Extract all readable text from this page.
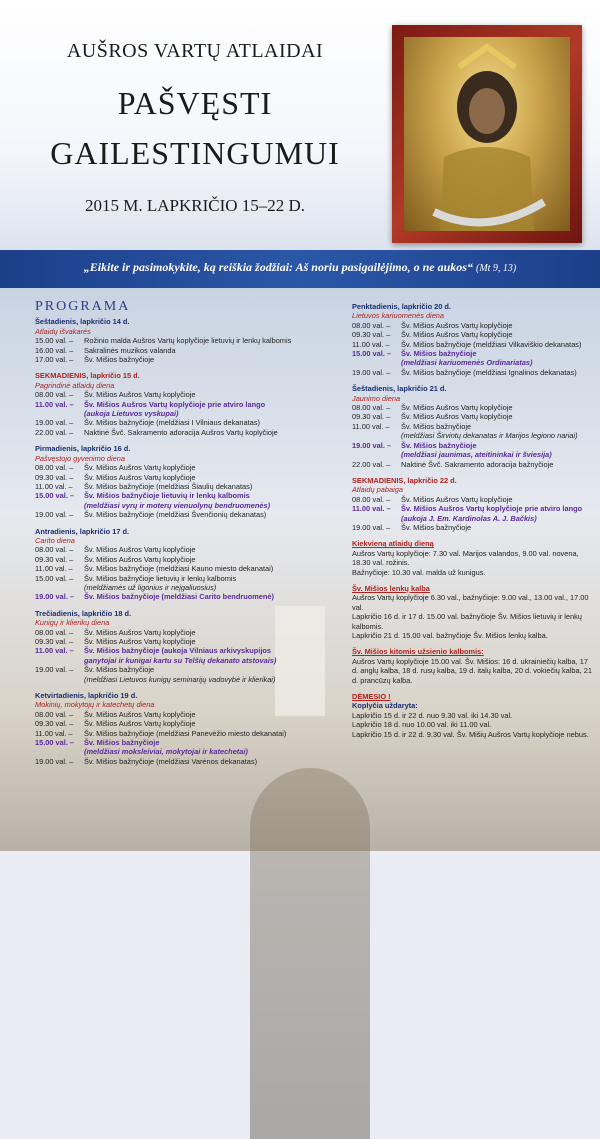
AUŠROS VARTŲ ATLAIDAI
PAŠVĘSTI
GAILESTINGUMUI
2015 M. LAPKRIČIO 15–22 D.
„Eikite ir pasimokykite, ką reiškia žodžiai: Aš noriu pasigailėjimo, o ne aukos“ (Mt 9, 13)
PROGRAMA
Šeštadienis, lapkričio 14 d.
Atlaidų išvakarės
15.00 val. –	Rožinio malda Aušros Vartų koplyčioje lietuvių ir lenkų kalbomis
16.00 val. –	Sakralinės muzikos valanda
17.00 val. –	Šv. Mišios bažnyčioje
SEKMADIENIS, lapkričio 15 d.
Pagrindinė atlaidų diena
08.00 val. –	Šv. Mišios Aušros Vartų koplyčioje
11.00 val. –	Šv. Mišios Aušros Vartų koplyčioje prie atviro lango
(aukoja Lietuvos vyskupai)
19.00 val. –	Šv. Mišios bažnyčioje (meldžiasi I Vilniaus dekanatas)
22.00 val. –	Naktinė Švč. Sakramento adoracija Aušros Vartų koplyčioje
Pirmadienis, lapkričio 16 d.
Pašvęstojo gyvenimo diena
08.00 val. –	Šv. Mišios Aušros Vartų koplyčioje
09.30 val. –	Šv. Mišios Aušros Vartų koplyčioje
11.00 val. –	Šv. Mišios bažnyčioje (meldžiasi Šiaulių dekanatas)
15.00 val. –	Šv. Mišios bažnyčioje lietuvių ir lenkų kalbomis
(meldžiasi vyrų ir moterų vienuolynų bendruomenės)
19.00 val. –	Šv. Mišios bažnyčioje (meldžiasi Švenčionių dekanatas)
Antradienis, lapkričio 17 d.
Carito diena
08.00 val. –	Šv. Mišios Aušros Vartų koplyčioje
09.30 val. –	Šv. Mišios Aušros Vartų koplyčioje
11.00 val. –	Šv. Mišios bažnyčioje (meldžiasi Kauno miesto dekanatai)
15.00 val. –	Šv. Mišios bažnyčioje lietuvių ir lenkų kalbomis
(meldžiamės už ligonius ir neįgaliuosius)
19.00 val. –	Šv. Mišios bažnyčioje (meldžiasi Carito bendruomenė)
Trečiadienis, lapkričio 18 d.
Kunigų ir klierikų diena
08.00 val. –	Šv. Mišios Aušros Vartų koplyčioje
09.30 val. –	Šv. Mišios Aušros Vartų koplyčioje
11.00 val. –	Šv. Mišios bažnyčioje (aukoja Vilniaus arkivyskupijos
ganytojai ir kunigai kartu su Telšių dekanato atstovais)
19.00 val. –	Šv. Mišios bažnyčioje
(meldžiasi Lietuvos kunigų seminarijų vadovybė ir klierikai)
Ketvirtadienis, lapkričio 19 d.
Mokinių, mokytojų ir katechetų diena
08.00 val. –	Šv. Mišios Aušros Vartų koplyčioje
09.30 val. –	Šv. Mišios Aušros Vartų koplyčioje
11.00 val. –	Šv. Mišios bažnyčioje (meldžiasi Panevėžio miesto dekanatai)
15.00 val. –	Šv. Mišios bažnyčioje
(meldžiasi moksleiviai, mokytojai ir katechetai)
19.00 val. –	Šv. Mišios bažnyčioje (meldžiasi Varėnos dekanatas)
Penktadienis, lapkričio 20 d.
Lietuvos kariuomenės diena
08.00 val. –	Šv. Mišios Aušros Vartų koplyčioje
09.30 val. –	Šv. Mišios Aušros Vartų koplyčioje
11.00 val. –	Šv. Mišios bažnyčioje (meldžiasi Vilkaviškio dekanatas)
15.00 val. –	Šv. Mišios bažnyčioje
(meldžiasi kariuomenės Ordinariatas)
19.00 val. –	Šv. Mišios bažnyčioje (meldžiasi Ignalinos dekanatas)
Šeštadienis, lapkričio 21 d.
Jaunimo diena
08.00 val. –	Šv. Mišios Aušros Vartų koplyčioje
09.30 val. –	Šv. Mišios Aušros Vartų koplyčioje
11.00 val. –	Šv. Mišios bažnyčioje
(meldžiasi Širvintų dekanatas ir Marijos legiono nariai)
19.00 val. –	Šv. Mišios bažnyčioje
(meldžiasi jaunimas, ateitininkai ir šviesija)
22.00 val. –	Naktinė Švč. Sakramento adoracija bažnyčioje
SEKMADIENIS, lapkričio 22 d.
Atlaidų pabaiga
08.00 val. –	Šv. Mišios Aušros Vartų koplyčioje
11.00 val. –	Šv. Mišios Aušros Vartų koplyčioje prie atviro lango
(aukoja J. Em. Kardinolas A. J. Bačkis)
19.00 val. –	Šv. Mišios bažnyčioje
Kiekvieną atlaidų dieną
Aušros Vartų koplyčioje: 7.30 val. Marijos valandos, 9.00 val. novena, 18.30 val. rožinis.
Bažnyčioje: 10.30 val. malda už kunigus.
Šv. Mišios lenkų kalba
Aušros Vartų koplyčioje 6.30 val., bažnyčioje: 9.00 val., 13.00 val., 17.00 val.
Lapkričio 16 d. ir 17 d. 15.00 val. bažnyčioje Šv. Mišios lietuvių ir lenkų kalbomis.
Lapkričio 21 d. 15.00 val. bažnyčioje Šv. Mišios lenkų kalba.
Šv. Mišios kitomis užsienio kalbomis:
Aušros Vartų koplyčioje 15.00 val. Šv. Mišios: 16 d. ukrainiečių kalba, 17 d. anglų kalba, 18 d. rusų kalba, 19 d. italų kalba, 20 d. vokiečių kalba, 21 d. prancūzų kalba.
DĖMESIO !
Koplyčia uždaryta:
Lapkričio 15 d. ir 22 d. nuo 9.30 val. iki 14.30 val.
Lapkričio 18 d. nuo 10.00 val. iki 11.00 val.
Lapkričio 15 d. ir 22 d. 9.30 val. Šv. Mišių Aušros Vartų koplyčioje nebus.
